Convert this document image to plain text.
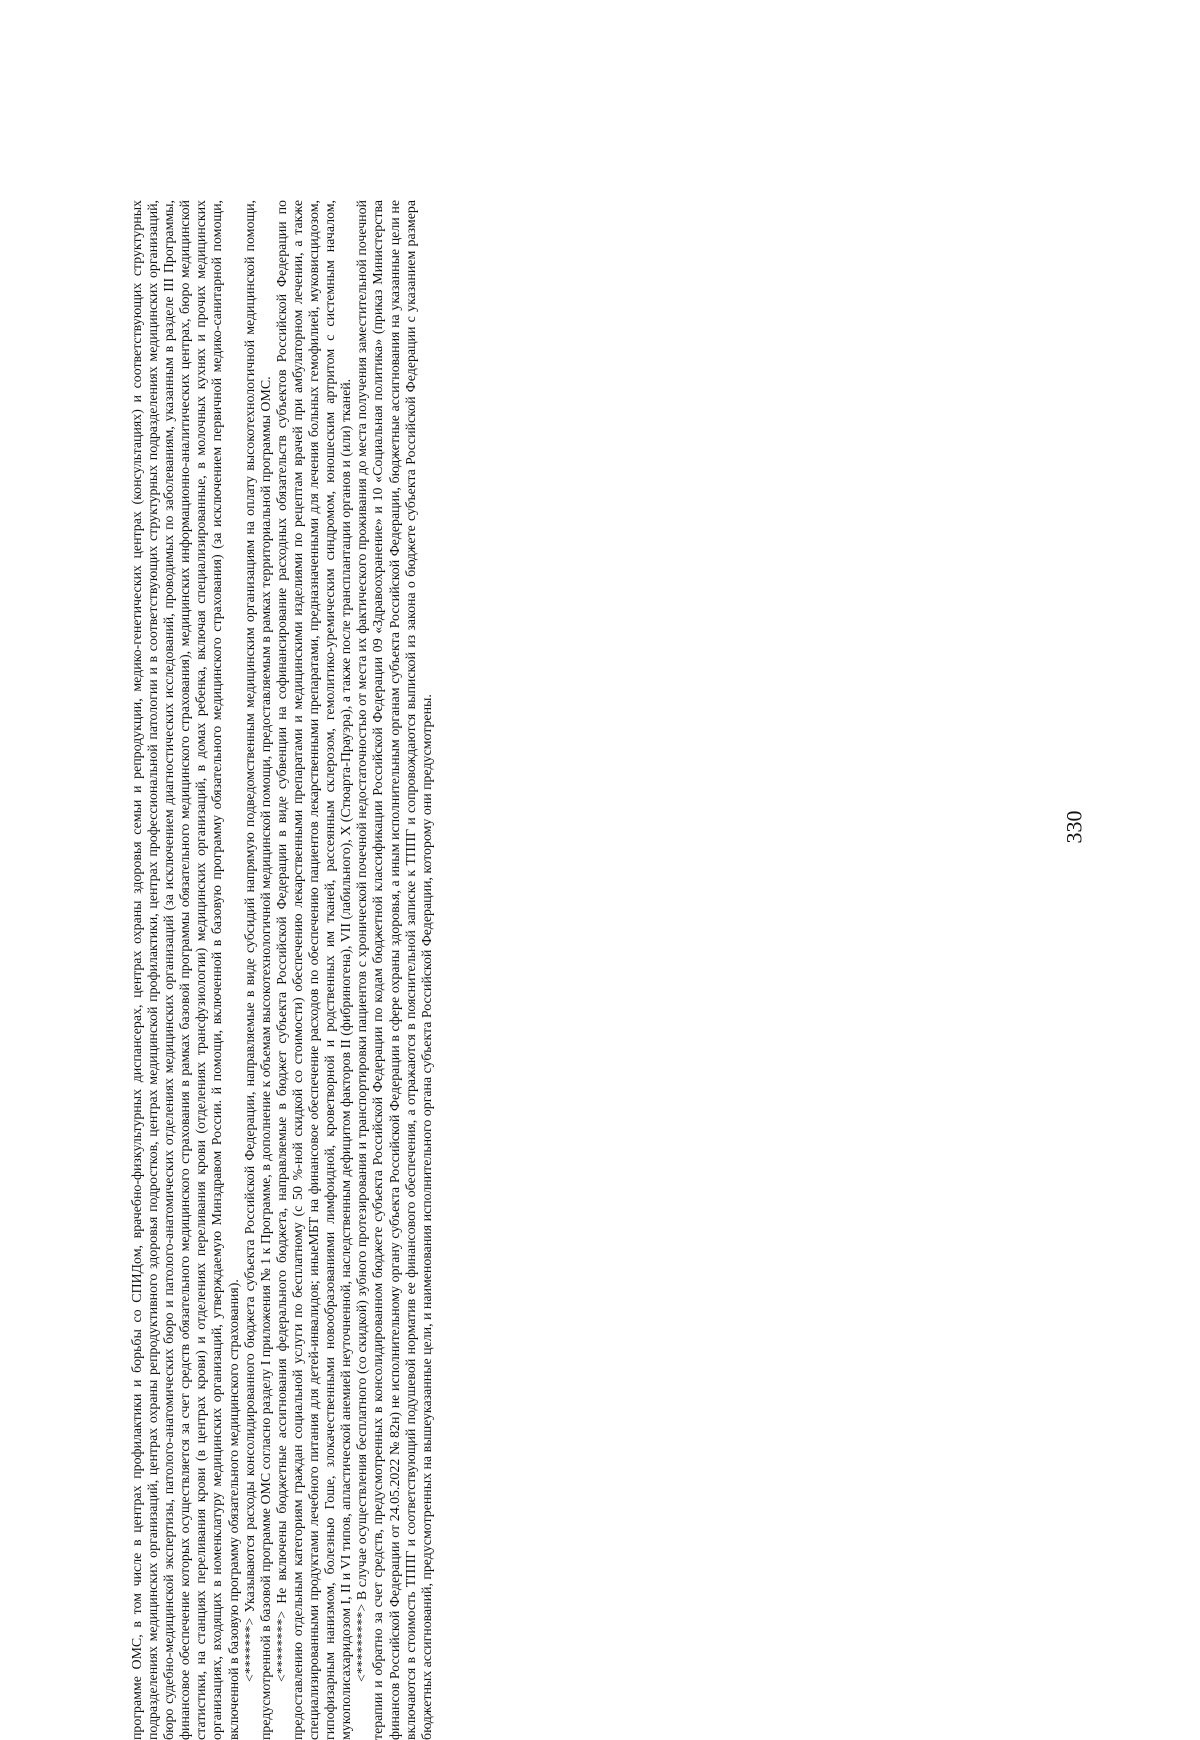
программе ОМС, в том числе в центрах профилактики и борьбы со СПИДом, врачебно-физкультурных диспансерах, центрах охраны здоровья семьи и репродукции, медико-генетических центрах (консультациях) и соответствующих структурных подразделениях медицинских организаций, центрах охраны репродуктивного здоровья подростков, центрах медицинской профилактики, центрах профессиональной патологии и в соответствующих структурных подразделениях медицинских организаций, бюро судебно-медицинской экспертизы, патолого-анатомических бюро и патолого-анатомических отделениях медицинских организаций (за исключением диагностических исследований, проводимых по заболеваниям, указанным в разделе III Программы, финансовое обеспечение которых осуществляется за счет средств обязательного медицинского страхования в рамках базовой программы обязательного медицинского страхования), медицинских информационно-аналитических центрах, бюро медицинской статистики, на станциях переливания крови (в центрах крови) и отделениях переливания крови (отделениях трансфузиологии) медицинских организаций, в домах ребенка, включая специализированные, в молочных кухнях и прочих медицинских организациях, входящих в номенклатуру медицинских организаций, утверждаемую Минздравом России. й помощи, включенной в базовую программу обязательного медицинского страхования) (за исключением первичной медико-санитарной помощи, включенной в базовую программу обязательного медицинского страхования). <*******> Указываются расходы консолидированного бюджета субъекта Российской Федерации, направляемые в виде субсидий напрямую подведомственным медицинским организациям на оплату высокотехнологичной медицинской помощи, предусмотренной в базовой программе ОМС согласно разделу I приложения № 1 к Программе, в дополнение к объемам высокотехнологичной медицинской помощи, предоставляемым в рамках территориальной программы ОМС. <********> Не включены бюджетные ассигнования федерального бюджета, направляемые в бюджет субъекта Российской Федерации в виде субвенции на софинансирование расходных обязательств субъектов Российской Федерации по предоставлению отдельным категориям граждан социальной услуги по бесплатному (с 50 %-ной скидкой со стоимости) обеспечению лекарственными препаратами и медицинскими изделиями по рецептам врачей при амбулаторном лечении, а также специализированными продуктами лечебного питания для детей-инвалидов; иныеМБТ на финансовое обеспечение расходов по обеспечению пациентов лекарственными препаратами, предназначенными для лечения больных гемофилией, муковисцидозом, гипофизарным нанизмом, болезнью Гоше, злокачественными новообразованиями лимфоидной, кроветворной и родственных им тканей, рассеянным склерозом, гемолитико-уремическим синдромом, юношеским артритом с системным началом, мукополисахаридозом I, II и VI типов, апластической анемией неуточненной, наследственным дефицитом факторов II (фибриногена), VII (лабильного), X (Стюарта-Прауэра), а также после трансплантации органов и (или) тканей. <*********> В случае осуществления бесплатного (со скидкой) зубного протезирования и транспортировки пациентов с хронической почечной недостаточностью от места их фактического проживания до места получения заместительной почечной терапии и обратно за счет средств, предусмотренных в консолидированном бюджете субъекта Российской Федерации по кодам бюджетной классификации Российской Федерации 09 «Здравоохранение» и 10 «Социальная политика» (приказ Министерства финансов Российской Федерации от 24.05.2022 № 82н) не исполнительному органу субъекта Российской Федерации в сфере охраны здоровья, а иным исполнительным органам субъекта Российской Федерации, бюджетные ассигнования на указанные цели не включаются в стоимость ТППГ и соответствующий подушевой норматив ее финансового обеспечения, а отражаются в пояснительной записке к ТППГ и сопровождаются выпиской из закона о бюджете субъекта Российской Федерации с указанием размера бюджетных ассигнований, предусмотренных на вышеуказанные цели, и наименования исполнительного органа субъекта Российской Федерации, которому они предусмотрены.	330
